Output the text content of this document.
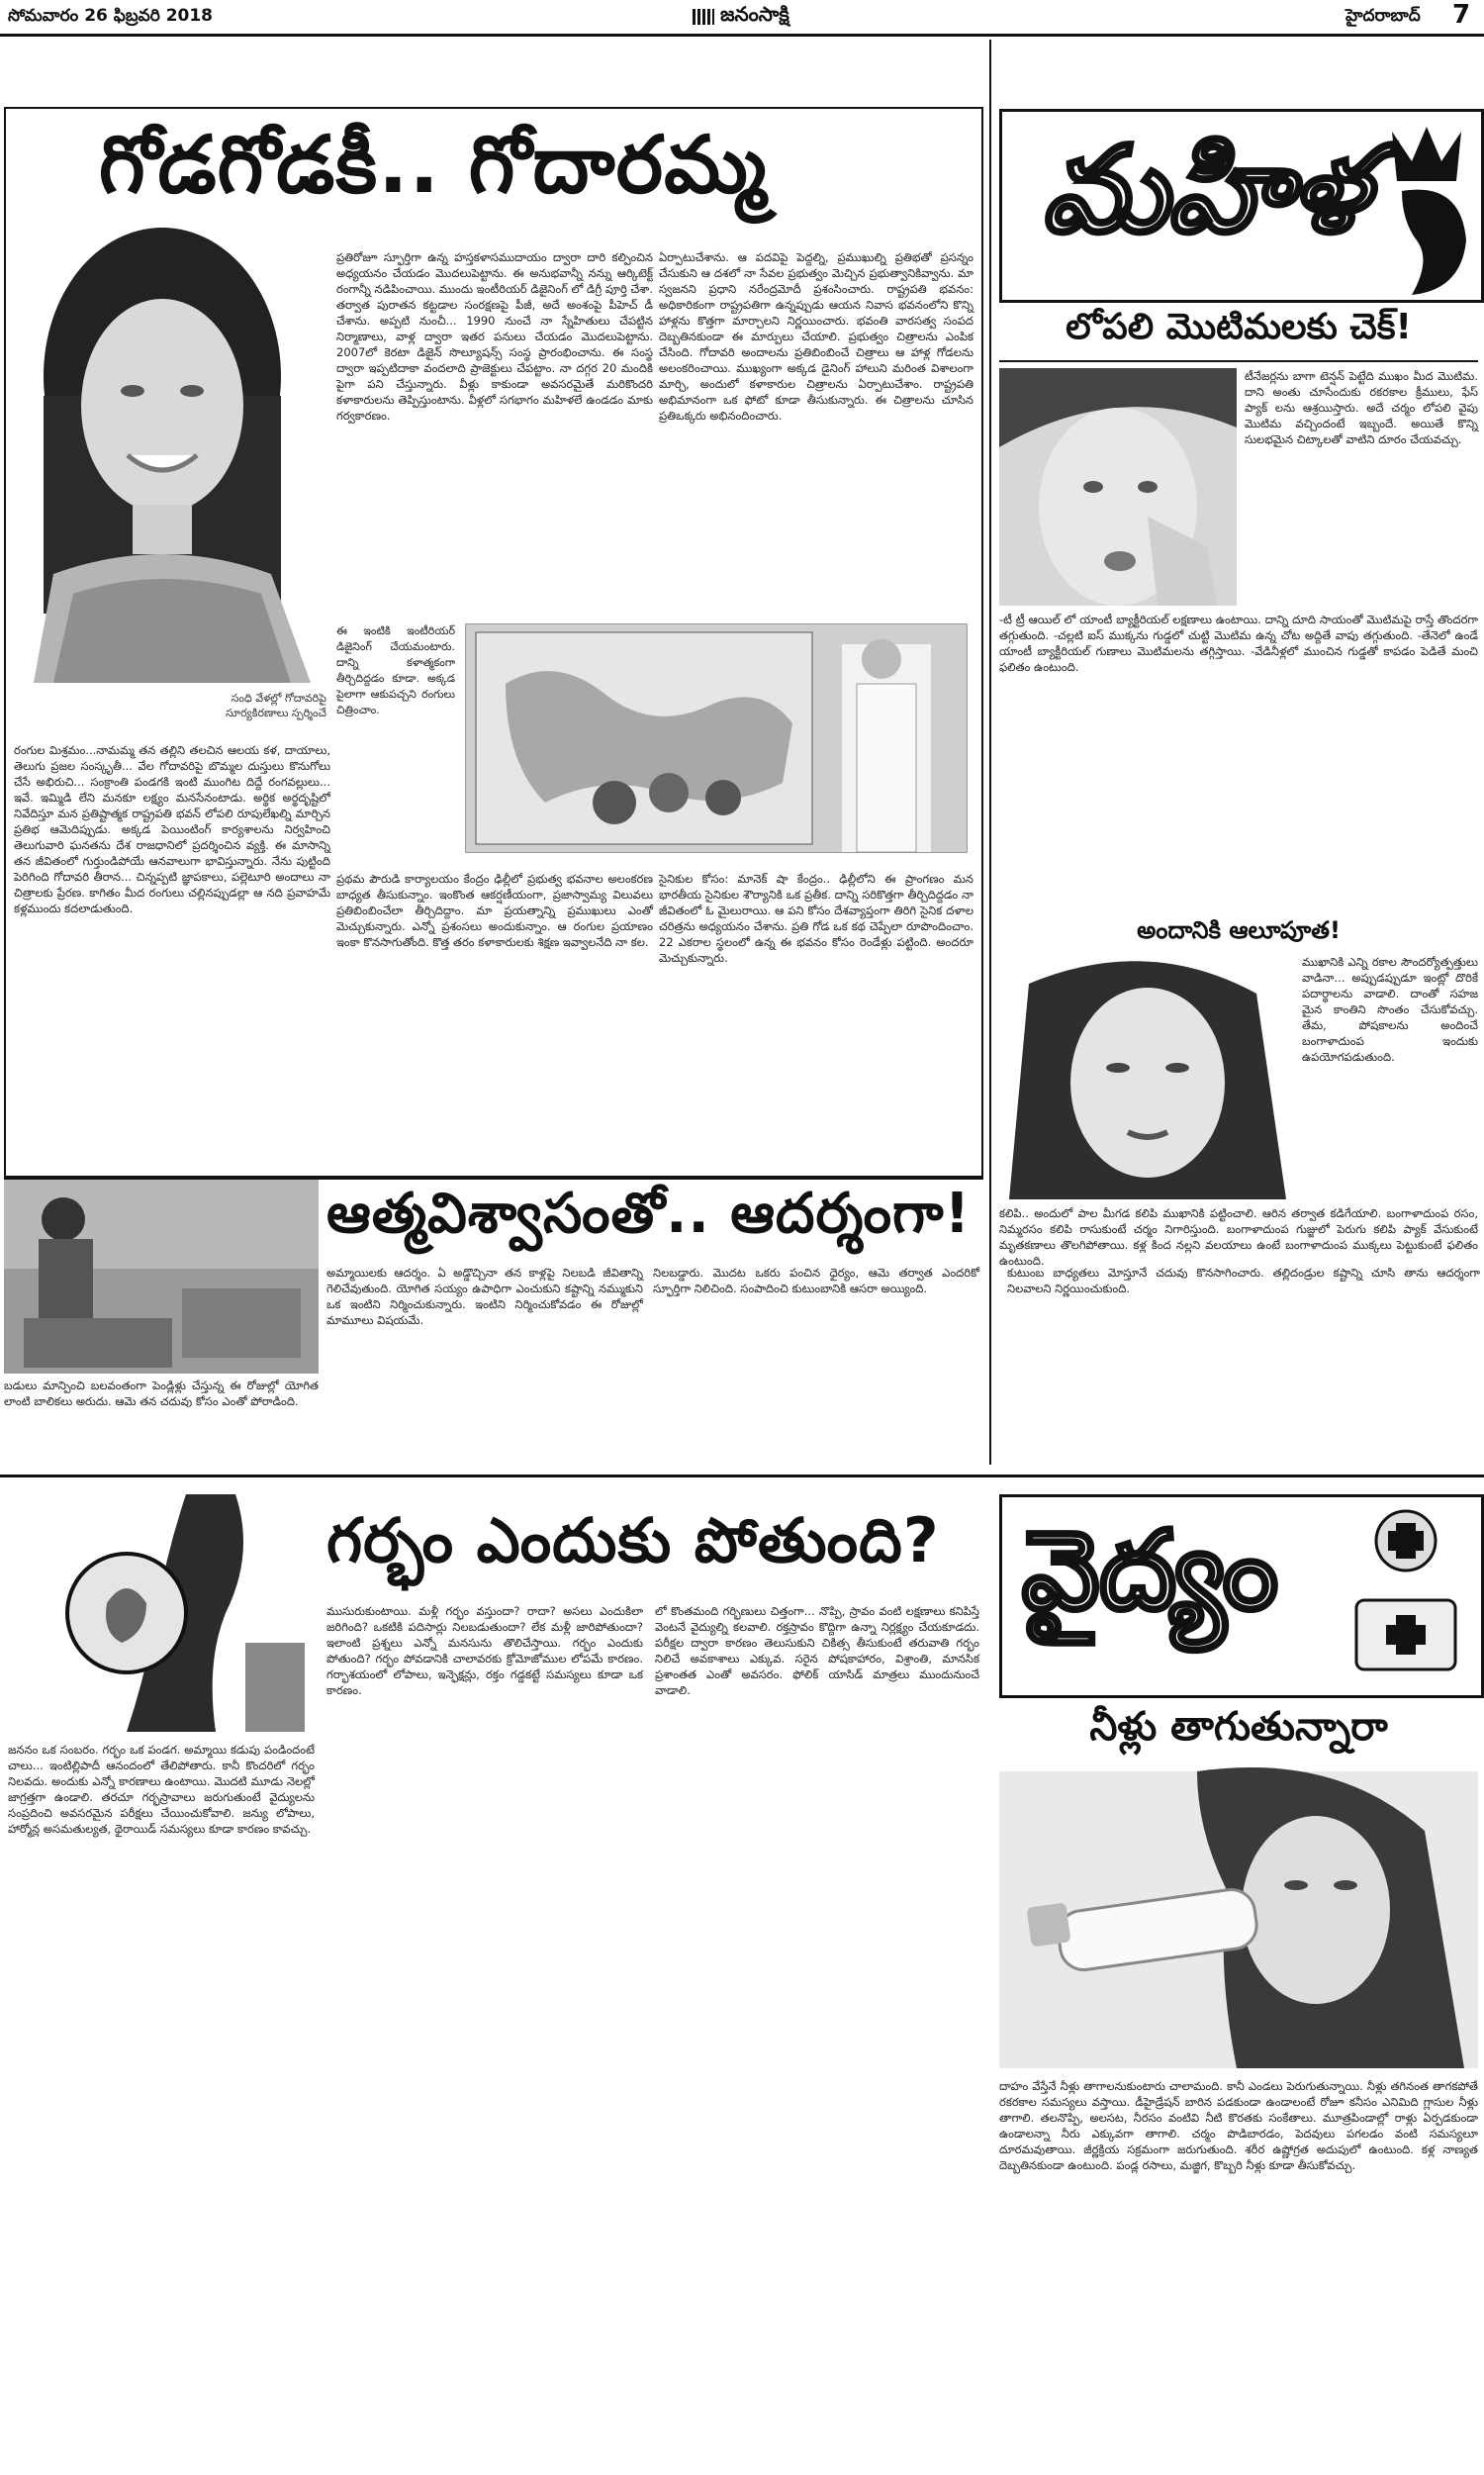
సోమవారం 26 ఫిబ్రవరి 2018	జనంసాక్షి	హైదరాబాద్ 7
గోడగోడకీ.. గోదారమ్మ
సంధి వేళల్లో గోదావరిపై సూర్యకిరణాలు స్పర్శించే
రంగుల మిశ్రమం...నామమ్మ తన తల్లిని తలచిన ఆలయ కళ, దాయాలు, తెలుగు ప్రజల సంస్కృతీ... వేల గోదావరిపై బొమ్మల దుస్తులు కొనుగోలు చేసే అభిరుచి... సంక్రాంతి పండగకి ఇంటి ముంగిట దిద్దే రంగవల్లులు... ఇవే. ఇమ్మిడి లేని మనకూ లక్ష్యం మనసేనంటాడు. అర్థిక అర్థదృష్టిలో నివేదిస్తూ మన ప్రతిష్టాత్మక రాష్ట్రపతి భవన్ లోపలి రూపులేఖల్ని మార్చిన ప్రతిభ ఆమెదిప్పుడు. అక్కడ పెయింటింగ్ కార్యశాలను నిర్వహించి తెలుగువారి ఘనతను దేశ రాజధానిలో ప్రదర్శించిన వ్యక్తి. ఈ మాసాన్ని తన జీవితంలో గుర్తుండిపోయే ఆనవాలుగా భావిస్తున్నారు. నేను పుట్టింది పెరిగింది గోదావరి తీరాన... చిన్నప్పటి జ్ఞాపకాలు, పల్లెటూరి అందాలు నా చిత్రాలకు ప్రేరణ. కాగితం మీద రంగులు చల్లినప్పుడల్లా ఆ నది ప్రవాహమే కళ్లముందు కదలాడుతుంది.
ప్రతిరోజూ స్ఫూర్తిగా ఉన్న హస్తకళాసముదాయం ద్వారా దారి కల్పించిన అధ్యయనం చేయడం మొదలుపెట్టాను. ఈ అనుభవాన్నీ నన్ను ఆర్కిటెక్ట్ రంగాన్నీ నడిపించాయి. ముందు ఇంటీరియర్ డిజైనింగ్ లో డిగ్రీ పూర్తి చేశా. తర్వాత పురాతన కట్టడాల సంరక్షణపై పీజీ, అదే అంశంపై పీహెచ్ డీ చేశాను. అప్పటి నుంచీ... 1990 నుంచే నా స్నేహితులు చేపట్టిన నిర్మాణాలు, వాళ్ల ద్వారా ఇతర పనులు చేయడం మొదలుపెట్టాను. 2007లో కెరటా డిజైన్ సొల్యూషన్స్ సంస్థ ప్రారంభించాను. ఈ సంస్థ ద్వారా ఇప్పటిదాకా వందలాది ప్రాజెక్టులు చేపట్టాం. నా దగ్గర 20 మందికి పైగా పని చేస్తున్నారు. వీళ్లు కాకుండా అవసరమైతే మరికొందరి కళాకారులను తెప్పిస్తుంటాను. వీళ్లలో సగభాగం మహిళలే ఉండడం మాకు గర్వకారణం.
ఏర్పాటుచేశాను. ఆ పదవిపై పెద్దల్ని, ప్రముఖుల్ని ప్రతిభతో ప్రసన్నం చేసుకుని ఆ దశలో నా సేవల ప్రభుత్వం మెచ్చిన ప్రభుత్వానికివ్వాను. మా స్వజనని ప్రధాని నరేంద్రమోదీ ప్రశంసించారు. రాష్ట్రపతి భవనం: అధికారికంగా రాష్ట్రపతిగా ఉన్నప్పుడు ఆయన నివాస భవనంలోని కొన్ని హాళ్లను కొత్తగా మార్చాలని నిర్ణయించారు. భవంతి వారసత్వ సంపద దెబ్బతినకుండా ఈ మార్పులు చేయాలి. ప్రభుత్వం చిత్రాలను ఎంపిక చేసింది. గోదావరి అందాలను ప్రతిబింబించే చిత్రాలు ఆ హాళ్ల గోడలను అలంకరించాయి. ముఖ్యంగా అక్కడ డైనింగ్ హాలుని మరింత విశాలంగా మార్చి, అందులో కళాకారుల చిత్రాలను ఏర్పాటుచేశాం. రాష్ట్రపతి అభిమానంగా ఒక ఫోటో కూడా తీసుకున్నారు. ఈ చిత్రాలను చూసిన ప్రతిఒక్కరు అభినందించారు.
ఈ ఇంటికి ఇంటీరియర్ డిజైనింగ్ చేయమంటారు. దాన్ని కళాత్మకంగా తీర్చిదిద్దడం కూడా. అక్కడ పైలాగా ఆకుపచ్చని రంగులు చిత్రించాం.
ప్రథమ పౌరుడి కార్యాలయం కేంద్రం ఢిల్లీలో ప్రభుత్వ భవనాల అలంకరణ బాధ్యత తీసుకున్నాం. ఇంకొంత ఆకర్షణీయంగా, ప్రజాస్వామ్య విలువలు ప్రతిబింబించేలా తీర్చిదిద్దాం. మా ప్రయత్నాన్ని ప్రముఖులు ఎంతో మెచ్చుకున్నారు. ఎన్నో ప్రశంసలు అందుకున్నాం. ఆ రంగుల ప్రయాణం ఇంకా కొనసాగుతోంది. కొత్త తరం కళాకారులకు శిక్షణ ఇవ్వాలనేది నా కల.
సైనికుల కోసం: మానెక్ షా కేంద్రం.. ఢిల్లీలోని ఈ ప్రాంగణం మన భారతీయ సైనికుల శౌర్యానికి ఒక ప్రతీక. దాన్ని సరికొత్తగా తీర్చిదిద్దడం నా జీవితంలో ఓ మైలురాయి. ఆ పని కోసం దేశవ్యాప్తంగా తిరిగి సైనిక దళాల చరిత్రను అధ్యయనం చేశాను. ప్రతి గోడ ఒక కథ చెప్పేలా రూపొందించాం. 22 ఎకరాల స్థలంలో ఉన్న ఈ భవనం కోసం రెండేళ్లు పట్టింది. అందరూ మెచ్చుకున్నారు.
ఆత్మవిశ్వాసంతో.. ఆదర్శంగా!
బడులు మాన్పించి బలవంతంగా పెండ్లిళ్లు చేస్తున్న ఈ రోజుల్లో యోగిత లాంటి బాలికలు అరుదు. ఆమె తన చదువు కోసం ఎంతో పోరాడింది.
అమ్మాయిలకు ఆదర్శం. ఏ అడ్డొచ్చినా తన కాళ్లపై నిలబడి జీవితాన్ని గెలిచేవుతుంది. యోగిత సయ్యం ఉపాధిగా ఎంచుకుని కష్టాన్ని నమ్ముకుని ఒక ఇంటిని నిర్మించుకున్నారు. ఇంటిని నిర్మించుకోవడం ఈ రోజుల్లో మామూలు విషయమే.
నిలబడ్డారు. మొదట ఒకరు పంచిన ధైర్యం, ఆమె తర్వాత ఎందరికో స్ఫూర్తిగా నిలిచింది. సంపాదించి కుటుంబానికి ఆసరా అయ్యింది.
కుటుంబ బాధ్యతలు మోస్తూనే చదువు కొనసాగించారు. తల్లిదండ్రుల కష్టాన్ని చూసి తాను ఆదర్శంగా నిలవాలని నిర్ణయించుకుంది.
మహిళ
లోపలి మొటిమలకు చెక్!
టీనేజర్లను బాగా టెన్షన్ పెట్టేది ముఖం మీద మొటిమ. దాని అంతు చూసేందుకు రకరకాల క్రీములు, ఫేస్ ప్యాక్ లను ఆశ్రయిస్తారు. అదే చర్మం లోపలి వైపు మొటిమ వచ్చిందంటే ఇబ్బందే. అయితే కొన్ని సులభమైన చిట్కాలతో వాటిని దూరం చేయవచ్చు.
-టీ ట్రీ ఆయిల్ లో యాంటీ బ్యాక్టీరియల్ లక్షణాలు ఉంటాయి. దాన్ని దూది సాయంతో మొటిమపై రాస్తే తొందరగా తగ్గుతుంది. -చల్లటి ఐస్ ముక్కను గుడ్డలో చుట్టి మొటిమ ఉన్న చోట అద్దితే వాపు తగ్గుతుంది. -తేనెలో ఉండే యాంటీ బ్యాక్టీరియల్ గుణాలు మొటిమలను తగ్గిస్తాయి. -వేడినీళ్లలో ముంచిన గుడ్డతో కాపడం పెడితే మంచి ఫలితం ఉంటుంది.
అందానికి ఆలూపూత!
ముఖానికి ఎన్ని రకాల సౌందర్యోత్పత్తులు వాడినా... అప్పుడప్పుడూ ఇంట్లో దొరికే పదార్థాలను వాడాలి. దాంతో సహజ మైన కాంతిని సొంతం చేసుకోవచ్చు. తేమ, పోషకాలను అందించే బంగాళాదుంప ఇందుకు ఉపయోగపడుతుంది.
కలిపి.. అందులో పాల మీగడ కలిపి ముఖానికి పట్టించాలి. ఆరిన తర్వాత కడిగేయాలి. బంగాళాదుంప రసం, నిమ్మరసం కలిపి రాసుకుంటే చర్మం నిగారిస్తుంది. బంగాళాదుంప గుజ్జులో పెరుగు కలిపి ప్యాక్ వేసుకుంటే మృతకణాలు తొలగిపోతాయి. కళ్ల కింద నల్లని వలయాలు ఉంటే బంగాళాదుంప ముక్కలు పెట్టుకుంటే ఫలితం ఉంటుంది.
గర్భం ఎందుకు పోతుంది?
జననం ఒక సంబరం. గర్భం ఒక పండగ. అమ్మాయి కడుపు పండిందంటే చాలు... ఇంటిల్లిపాదీ ఆనందంలో తేలిపోతారు. కానీ కొందరిలో గర్భం నిలవదు. అందుకు ఎన్నో కారణాలు ఉంటాయి. మొదటి మూడు నెలల్లో జాగ్రత్తగా ఉండాలి. తరచూ గర్భస్రావాలు జరుగుతుంటే వైద్యులను సంప్రదించి అవసరమైన పరీక్షలు చేయించుకోవాలి. జన్యు లోపాలు, హార్మోన్ల అసమతుల్యత, థైరాయిడ్ సమస్యలు కూడా కారణం కావచ్చు.
ముసురుకుంటాయి. మళ్లీ గర్భం వస్తుందా? రాదా? అసలు ఎందుకిలా జరిగింది? ఒకటికి పదిసార్లు నిలబడుతుందా? లేక మళ్లీ జారిపోతుందా? ఇలాంటి ప్రశ్నలు ఎన్నో మనసును తొలిచేస్తాయి. గర్భం ఎందుకు పోతుంది? గర్భం పోవడానికి చాలావరకు క్రోమోజోముల లోపమే కారణం. గర్భాశయంలో లోపాలు, ఇన్ఫెక్షన్లు, రక్తం గడ్డకట్టే సమస్యలు కూడా ఒక కారణం.
లో కొంతమంది గర్భిణులు చిత్తంగా... నొప్పి, స్రావం వంటి లక్షణాలు కనిపిస్తే వెంటనే వైద్యుల్ని కలవాలి. రక్తస్రావం కొద్దిగా ఉన్నా నిర్లక్ష్యం చేయకూడదు. పరీక్షల ద్వారా కారణం తెలుసుకుని చికిత్స తీసుకుంటే తరువాతి గర్భం నిలిచే అవకాశాలు ఎక్కువ. సరైన పోషకాహారం, విశ్రాంతి, మానసిక ప్రశాంతత ఎంతో అవసరం. ఫోలిక్ యాసిడ్ మాత్రలు ముందునుంచే వాడాలి.
వైద్యం
నీళ్లు తాగుతున్నారా
దాహం వేస్తేనే నీళ్లు తాగాలనుకుంటారు చాలామంది. కానీ ఎండలు పెరుగుతున్నాయి. నీళ్లు తగినంత తాగకపోతే రకరకాల సమస్యలు వస్తాయి. డీహైడ్రేషన్ బారిన పడకుండా ఉండాలంటే రోజూ కనీసం ఎనిమిది గ్లాసుల నీళ్లు తాగాలి. తలనొప్పి, అలసట, నీరసం వంటివి నీటి కొరతకు సంకేతాలు. మూత్రపిండాల్లో రాళ్లు ఏర్పడకుండా ఉండాలన్నా నీరు ఎక్కువగా తాగాలి. చర్మం పొడిబారడం, పెదవులు పగలడం వంటి సమస్యలూ దూరమవుతాయి. జీర్ణక్రియ సక్రమంగా జరుగుతుంది. శరీర ఉష్ణోగ్రత అదుపులో ఉంటుంది. కళ్ల నాణ్యత దెబ్బతినకుండా ఉంటుంది. పండ్ల రసాలు, మజ్జిగ, కొబ్బరి నీళ్లు కూడా తీసుకోవచ్చు.
